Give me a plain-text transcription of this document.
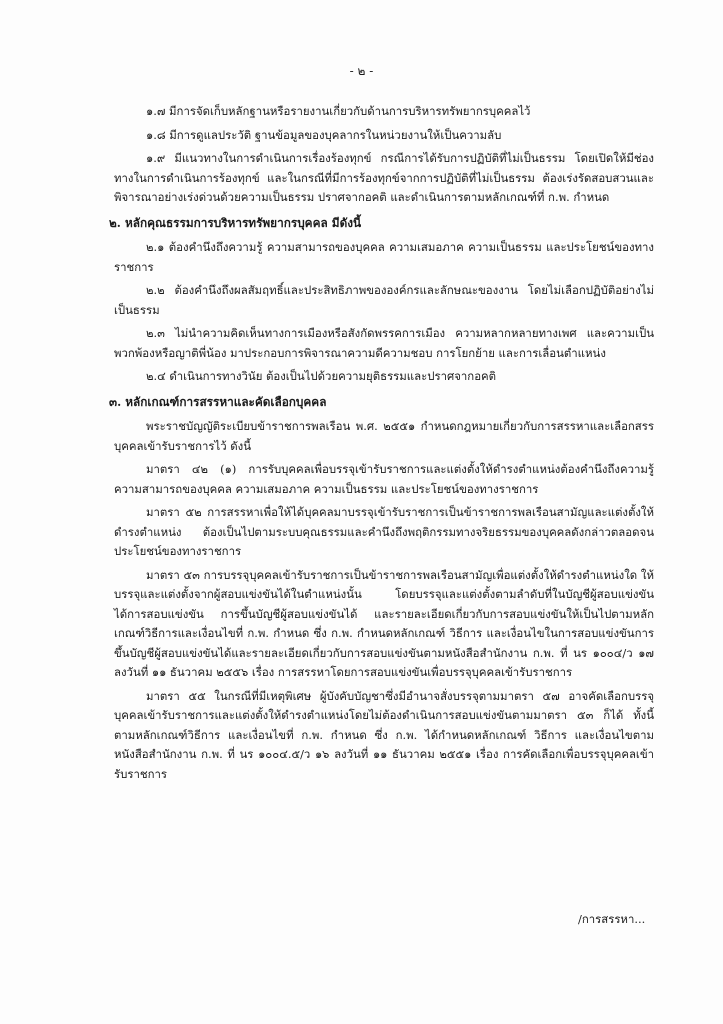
- ๒ -

๑.๗ มีการจัดเก็บหลักฐานหรือรายงานเกี่ยวกับด้านการบริหารทรัพยากรบุคคลไว้

๑.๘ มีการดูแลประวัติ ฐานข้อมูลของบุคลากรในหน่วยงานให้เป็นความลับ

๑.๙ มีแนวทางในการดำเนินการเรื่องร้องทุกข์ กรณีการได้รับการปฏิบัติที่ไม่เป็นธรรม โดยเปิดให้มีช่องทางในการดำเนินการร้องทุกข์ และในกรณีที่มีการร้องทุกข์จากการปฏิบัติที่ไม่เป็นธรรม ต้องเร่งรัดสอบสวนและพิจารณาอย่างเร่งด่วนด้วยความเป็นธรรม ปราศจากอคติ และดำเนินการตามหลักเกณฑ์ที่ ก.พ. กำหนด

๒. หลักคุณธรรมการบริหารทรัพยากรบุคคล มีดังนี้

๒.๑ ต้องคำนึงถึงความรู้ ความสามารถของบุคคล ความเสมอภาค ความเป็นธรรม และประโยชน์ของทางราชการ

๒.๒ ต้องคำนึงถึงผลสัมฤทธิ์และประสิทธิภาพขององค์กรและลักษณะของงาน โดยไม่เลือกปฏิบัติอย่างไม่เป็นธรรม

๒.๓ ไม่นำความคิดเห็นทางการเมืองหรือสังกัดพรรคการเมือง ความหลากหลายทางเพศ และความเป็นพวกพ้องหรือญาติพี่น้อง มาประกอบการพิจารณาความดีความชอบ การโยกย้าย และการเลื่อนตำแหน่ง

๒.๔ ดำเนินการทางวินัย ต้องเป็นไปด้วยความยุติธรรมและปราศจากอคติ

๓. หลักเกณฑ์การสรรหาและคัดเลือกบุคคล

พระราชบัญญัติระเบียบข้าราชการพลเรือน พ.ศ. ๒๕๕๑ กำหนดกฎหมายเกี่ยวกับการสรรหาและเลือกสรรบุคคลเข้ารับราชการไว้ ดังนี้

มาตรา ๔๒ (๑) การรับบุคคลเพื่อบรรจุเข้ารับราชการและแต่งตั้งให้ดำรงตำแหน่งต้องคำนึงถึงความรู้ความสามารถของบุคคล ความเสมอภาค ความเป็นธรรม และประโยชน์ของทางราชการ

มาตรา ๕๒ การสรรหาเพื่อให้ได้บุคคลมาบรรจุเข้ารับราชการเป็นข้าราชการพลเรือนสามัญและแต่งตั้งให้ดำรงตำแหน่ง ต้องเป็นไปตามระบบคุณธรรมและคำนึงถึงพฤติกรรมทางจริยธรรมของบุคคลดังกล่าวตลอดจนประโยชน์ของทางราชการ

มาตรา ๕๓ การบรรจุบุคคลเข้ารับราชการเป็นข้าราชการพลเรือนสามัญเพื่อแต่งตั้งให้ดำรงตำแหน่งใด ให้บรรจุและแต่งตั้งจากผู้สอบแข่งขันได้ในตำแหน่งนั้น โดยบรรจุและแต่งตั้งตามลำดับที่ในบัญชีผู้สอบแข่งขันได้การสอบแข่งขัน การขึ้นบัญชีผู้สอบแข่งขันได้ และรายละเอียดเกี่ยวกับการสอบแข่งขันให้เป็นไปตามหลักเกณฑ์วิธีการและเงื่อนไขที่ ก.พ. กำหนด ซึ่ง ก.พ. กำหนดหลักเกณฑ์ วิธีการ และเงื่อนไขในการสอบแข่งขันการขึ้นบัญชีผู้สอบแข่งขันได้และรายละเอียดเกี่ยวกับการสอบแข่งขันตามหนังสือสำนักงาน ก.พ. ที่ นร ๑๐๐๔/ว ๑๗ ลงวันที่ ๑๑ ธันวาคม ๒๕๕๖ เรื่อง การสรรหาโดยการสอบแข่งขันเพื่อบรรจุบุคคลเข้ารับราชการ

มาตรา ๕๕ ในกรณีที่มีเหตุพิเศษ ผู้บังคับบัญชาซึ่งมีอำนาจสั่งบรรจุตามมาตรา ๕๗ อาจคัดเลือกบรรจุบุคคลเข้ารับราชการและแต่งตั้งให้ดำรงตำแหน่งโดยไม่ต้องดำเนินการสอบแข่งขันตามมาตรา ๕๓ ก็ได้ ทั้งนี้ ตามหลักเกณฑ์วิธีการ และเงื่อนไขที่ ก.พ. กำหนด ซึ่ง ก.พ. ได้กำหนดหลักเกณฑ์ วิธีการ และเงื่อนไขตามหนังสือสำนักงาน ก.พ. ที่ นร ๑๐๐๔.๕/ว ๑๖ ลงวันที่ ๑๑ ธันวาคม ๒๕๕๑ เรื่อง การคัดเลือกเพื่อบรรจุบุคคลเข้ารับราชการ

/การสรรหา...
